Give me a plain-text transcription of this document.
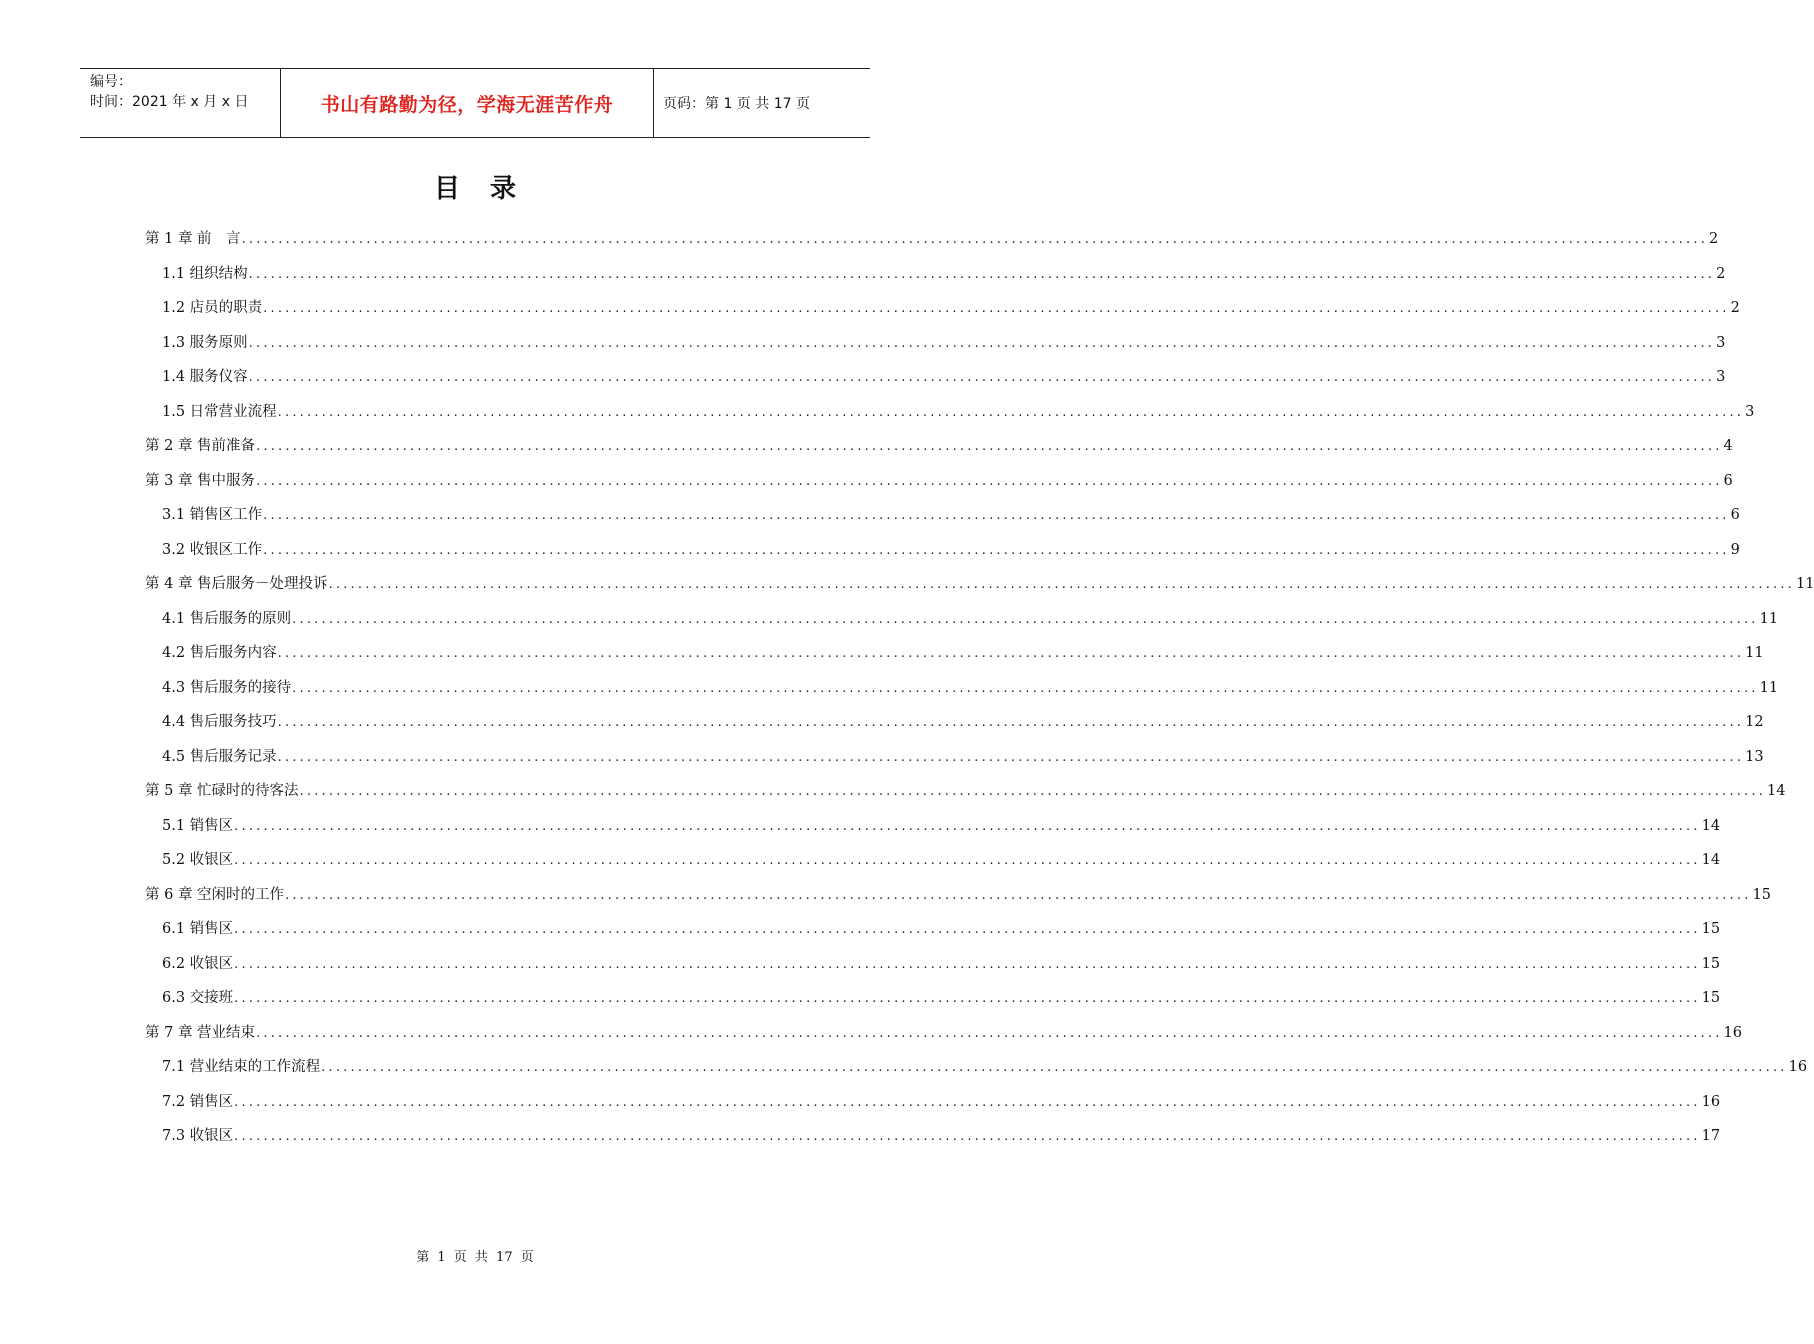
编号：
时间：2021 年 x 月 x 日	书山有路勤为径，学海无涯苦作舟	页码：第 1 页 共 17 页
目录
第 1 章 前　言 ........................................................................................................................................................................................................ 2
1.1 组织结构 ........................................................................................................................................................................................................ 2
1.2 店员的职责 ........................................................................................................................................................................................................ 2
1.3 服务原则 ........................................................................................................................................................................................................ 3
1.4 服务仪容 ........................................................................................................................................................................................................ 3
1.5 日常营业流程 ........................................................................................................................................................................................................ 3
第 2 章 售前准备 ........................................................................................................................................................................................................ 4
第 3 章 售中服务 ........................................................................................................................................................................................................ 6
3.1 销售区工作 ........................................................................................................................................................................................................ 6
3.2 收银区工作 ........................................................................................................................................................................................................ 9
第 4 章 售后服务－处理投诉 ........................................................................................................................................................................................................ 11
4.1 售后服务的原则 ........................................................................................................................................................................................................ 11
4.2 售后服务内容 ........................................................................................................................................................................................................ 11
4.3 售后服务的接待 ........................................................................................................................................................................................................ 11
4.4 售后服务技巧 ........................................................................................................................................................................................................ 12
4.5 售后服务记录 ........................................................................................................................................................................................................ 13
第 5 章 忙碌时的待客法 ........................................................................................................................................................................................................ 14
5.1 销售区 ........................................................................................................................................................................................................ 14
5.2 收银区 ........................................................................................................................................................................................................ 14
第 6 章 空闲时的工作 ........................................................................................................................................................................................................ 15
6.1 销售区 ........................................................................................................................................................................................................ 15
6.2 收银区 ........................................................................................................................................................................................................ 15
6.3 交接班 ........................................................................................................................................................................................................ 15
第 7 章 营业结束 ........................................................................................................................................................................................................ 16
7.1 营业结束的工作流程 ........................................................................................................................................................................................................ 16
7.2 销售区 ........................................................................................................................................................................................................ 16
7.3 收银区 ........................................................................................................................................................................................................ 17
第 1 页 共 17 页
